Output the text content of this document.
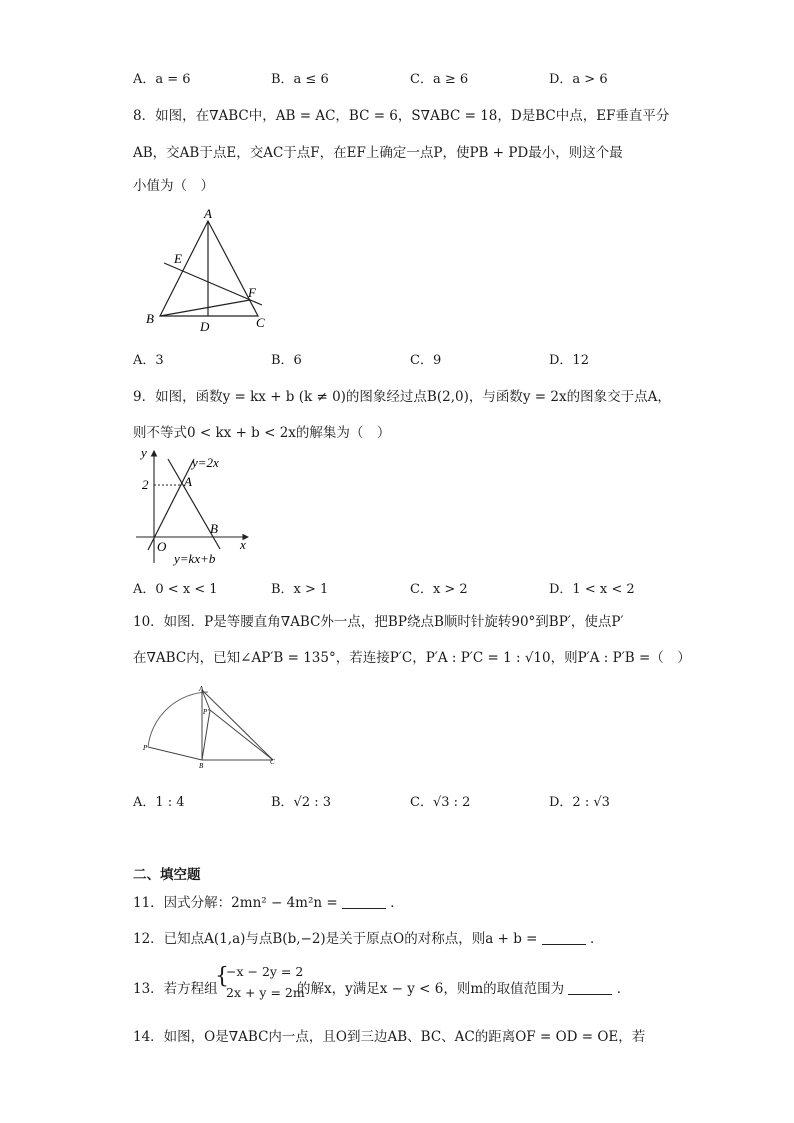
A．a = 6	B．a ≤ 6	C．a ≥ 6	D．a > 6
8．如图，在∇ABC中，AB = AC，BC = 6，S∇ABC = 18，D是BC中点，EF垂直平分
AB，交AB于点E，交AC于点F，在EF上确定一点P，使PB + PD最小，则这个最
小值为（　）
A
E
F
B
D	C
A．3	B．6	C．9	D．12
9．如图，函数y = kx + b (k ≠ 0)的图象经过点B(2,0)，与函数y = 2x的图象交于点A，
则不等式0 < kx + b < 2x的解集为（　）
y
x
O
2	A
B
y=2x
y=kx+b
A．0 < x < 1	B．x > 1	C．x > 2	D．1 < x < 2
10．如图．P是等腰直角∇ABC外一点，把BP绕点B顺时针旋转90°到BP′，使点P′
在∇ABC内，已知∠AP′B = 135°，若连接P′C，P′A : P′C = 1 : √10，则P′A : P′B =（　）
A
P′
P
B	C
A．1 : 4	B．√2 : 3	C．√3 : 2	D．2 : √3
二、填空题
11．因式分解：2mn² − 4m²n =	．
12．已知点A(1,a)与点B(b,−2)是关于原点O的对称点，则a + b =	．
13．若方程组
{
−x − 2y = 2
2x + y = 2m
的解x，y满足x − y < 6，则m的取值范围为	．
14．如图，O是∇ABC内一点，且O到三边AB、BC、AC的距离OF = OD = OE，若
